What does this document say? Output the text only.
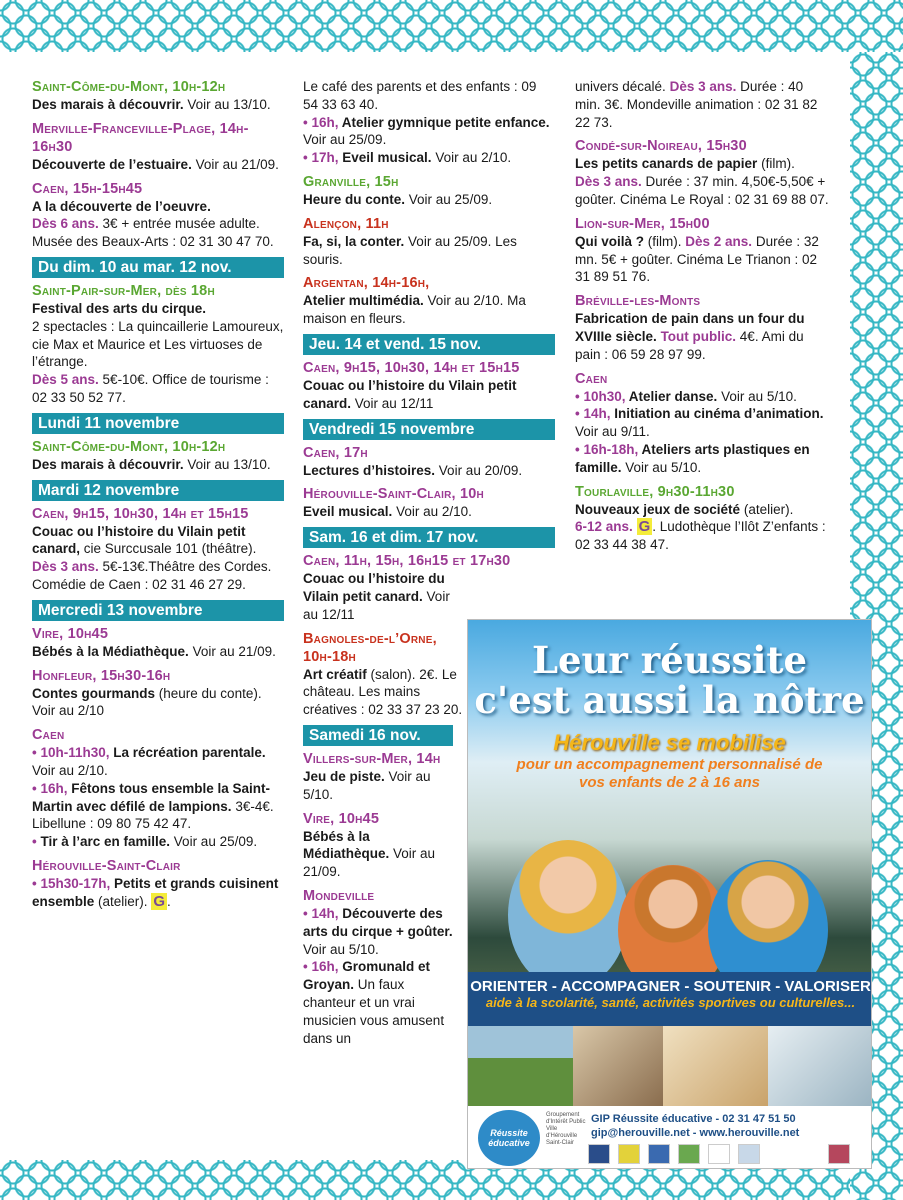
Saint-Côme-du-Mont, 10h-12h
Des marais à découvrir. Voir au 13/10.
Merville-Franceville-Plage, 14h-16h30
Découverte de l’estuaire. Voir au 21/09.
Caen, 15h-15h45
A la découverte de l’oeuvre.
Dès 6 ans. 3€ + entrée musée adulte. Musée des Beaux-Arts : 02 31 30 47 70.
Du dim. 10 au mar. 12 nov.
Saint-Pair-sur-Mer, dès 18h
Festival des arts du cirque.
2 spectacles : La quincaillerie Lamoureux, cie Max et Maurice et Les virtuoses de l’étrange.
Dès 5 ans. 5€-10€. Office de tourisme : 02 33 50 52 77.
Lundi 11 novembre
Saint-Côme-du-Mont, 10h-12h
Des marais à découvrir. Voir au 13/10.
Mardi 12 novembre
Caen, 9h15, 10h30, 14h et 15h15
Couac ou l’histoire du Vilain petit canard, cie Surccusale 101 (théâtre).
Dès 3 ans. 5€-13€.Théâtre des Cordes. Comédie de Caen : 02 31 46 27 29.
Mercredi 13 novembre
Vire, 10h45
Bébés à la Médiathèque. Voir au 21/09.
Honfleur, 15h30-16h
Contes gourmands (heure du conte). Voir au 2/10
Caen
• 10h-11h30, La récréation parentale. Voir au 2/10.
• 16h, Fêtons tous ensemble la Saint-Martin avec défilé de lampions. 3€-4€. Libellune : 09 80 75 42 47.
• Tir à l’arc en famille. Voir au 25/09.
Hérouville-Saint-Clair
• 15h30-17h, Petits et grands cuisinent ensemble (atelier). G .
Le café des parents et des enfants : 09 54 33 63 40.
• 16h, Atelier gymnique petite enfance. Voir au 25/09.
• 17h, Eveil musical. Voir au 2/10.
Granville, 15h
Heure du conte. Voir au 25/09.
Alençon, 11h
Fa, si, la conter. Voir au 25/09. Les souris.
Argentan, 14h-16h,
Atelier multimédia. Voir au 2/10. Ma maison en fleurs.
Jeu. 14 et vend. 15 nov.
Caen, 9h15, 10h30, 14h et 15h15
Couac ou l’histoire du Vilain petit canard. Voir au 12/11
Vendredi 15 novembre
Caen, 17h
Lectures d’histoires. Voir au 20/09.
Hérouville-Saint-Clair, 10h
Eveil musical. Voir au 2/10.
Sam. 16 et dim. 17 nov.
Caen, 11h, 15h, 16h15 et 17h30
Couac ou l’histoire du Vilain petit canard. Voir au 12/11
Bagnoles-de-l’Orne, 10h-18h
Art créatif (salon). 2€. Le château. Les mains créatives : 02 33 37 23 20.
Samedi 16 nov.
Villers-sur-Mer, 14h
Jeu de piste. Voir au 5/10.
Vire, 10h45
Bébés à la Médiathèque. Voir au 21/09.
Mondeville
• 14h, Découverte des arts du cirque + goûter. Voir au 5/10.
• 16h, Gromunald et Groyan. Un faux chanteur et un vrai musicien vous amusent dans un
univers décalé. Dès 3 ans. Durée : 40 min. 3€. Mondeville animation : 02 31 82 22 73.
Condé-sur-Noireau, 15h30
Les petits canards de papier (film).
Dès 3 ans. Durée : 37 min. 4,50€-5,50€ + goûter. Cinéma Le Royal : 02 31 69 88 07.
Lion-sur-Mer, 15h00
Qui voilà ? (film). Dès 2 ans. Durée : 32 mn. 5€ + goûter. Cinéma Le Trianon : 02 31 89 51 76.
Bréville-les-Monts
Fabrication de pain dans un four du XVIIIe siècle. Tout public. 4€. Ami du pain : 06 59 28 97 99.
Caen
• 10h30, Atelier danse. Voir au 5/10.
• 14h, Initiation au cinéma d’animation. Voir au 9/11.
• 16h-18h, Ateliers arts plastiques en famille. Voir au 5/10.
Tourlaville, 9h30-11h30
Nouveaux jeux de société (atelier).
6-12 ans. G . Ludothèque l’Ilôt Z’enfants : 02 33 44 38 47.
Leur réussite
c'est aussi la nôtre
Hérouville se mobilise
pour un accompagnement personnalisé de vos enfants de 2 à 16 ans
ORIENTER - ACCOMPAGNER - SOUTENIR - VALORISER
aide à la scolarité, santé, activités sportives ou culturelles...
Réussite éducative
Groupement d'Intérêt Public Ville d'Hérouville Saint-Clair
GIP Réussite éducative - 02 31 47 51 50
gip@herouville.net - www.herouville.net
